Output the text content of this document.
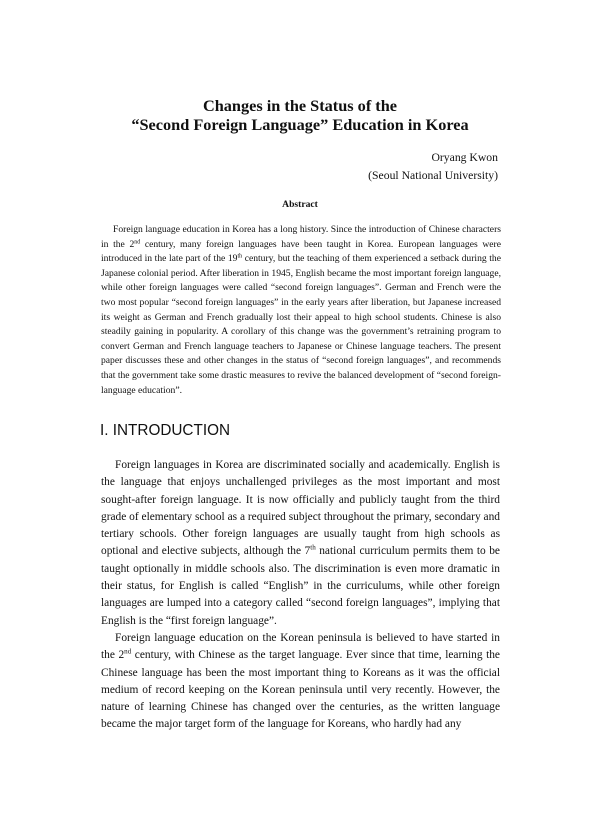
Changes in the Status of the
“Second Foreign Language” Education in Korea
Oryang Kwon
(Seoul National University)
Abstract

Foreign language education in Korea has a long history. Since the introduction of Chinese characters in the 2nd century, many foreign languages have been taught in Korea. European languages were introduced in the late part of the 19th century, but the teaching of them experienced a setback during the Japanese colonial period. After liberation in 1945, English became the most important foreign language, while other foreign languages were called “second foreign languages”. German and French were the two most popular “second foreign languages” in the early years after liberation, but Japanese increased its weight as German and French gradually lost their appeal to high school students. Chinese is also steadily gaining in popularity. A corollary of this change was the government’s retraining program to convert German and French language teachers to Japanese or Chinese language teachers. The present paper discusses these and other changes in the status of “second foreign languages”, and recommends that the government take some drastic measures to revive the balanced development of “second foreign-language education”.

I. INTRODUCTION

Foreign languages in Korea are discriminated socially and academically. English is the language that enjoys unchallenged privileges as the most important and most sought-after foreign language. It is now officially and publicly taught from the third grade of elementary school as a required subject throughout the primary, secondary and tertiary schools. Other foreign languages are usually taught from high schools as optional and elective subjects, although the 7th national curriculum permits them to be taught optionally in middle schools also. The discrimination is even more dramatic in their status, for English is called “English” in the curriculums, while other foreign languages are lumped into a category called “second foreign languages”, implying that English is the “first foreign language”.

Foreign language education on the Korean peninsula is believed to have started in the 2nd century, with Chinese as the target language. Ever since that time, learning the Chinese language has been the most important thing to Koreans as it was the official medium of record keeping on the Korean peninsula until very recently. However, the nature of learning Chinese has changed over the centuries, as the written language became the major target form of the language for Koreans, who hardly had any
